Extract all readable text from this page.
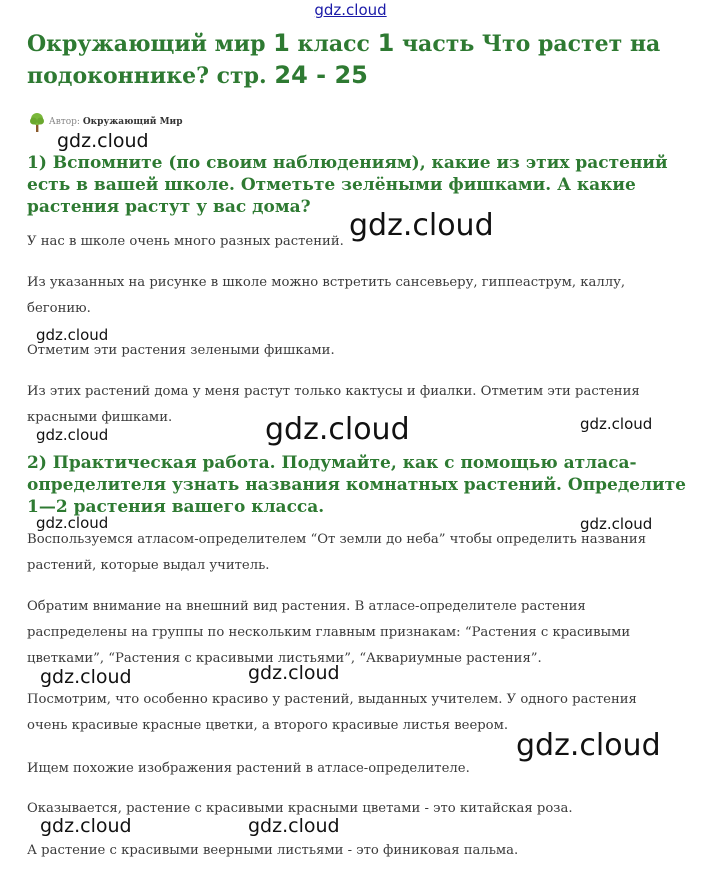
gdz.cloud
Окружающий мир 1 класс 1 часть Что растет на подоконнике? стр. 24 - 25
Автор: Окружающий Мир
1) Вспомните (по своим наблюдениям), какие из этих растений есть в вашей школе. Отметьте зелёными фишками. А какие растения растут у вас дома?

У нас в школе очень много разных растений.

Из указанных на рисунке в школе можно встретить сансевьеру, гиппеаструм, каллу, бегонию.

Отметим эти растения зелеными фишками.

Из этих растений дома у меня растут только кактусы и фиалки. Отметим эти растения красными фишками.

2) Практическая работа. Подумайте, как с помощью атласа-определителя узнать названия комнатных растений. Определите 1—2 растения вашего класса.

Воспользуемся атласом-определителем “От земли до неба” чтобы определить названия растений, которые выдал учитель.

Обратим внимание на внешний вид растения. В атласе-определителе растения распределены на группы по нескольким главным признакам: “Растения с красивыми цветками”, “Растения с красивыми листьями”, “Аквариумные растения”.

Посмотрим, что особенно красиво у растений, выданных учителем. У одного растения очень красивые красные цветки, а второго красивые листья веером.

Ищем похожие изображения растений в атласе-определителе.

Оказывается, растение с красивыми красными цветами - это китайская роза.

А растение с красивыми веерными листьями - это финиковая пальма.

gdz.cloud
gdz.cloud
gdz.cloud
gdz.cloud	gdz.cloud	gdz.cloud
gdz.cloud	gdz.cloud
gdz.cloud	gdz.cloud
gdz.cloud
gdz.cloud	gdz.cloud
